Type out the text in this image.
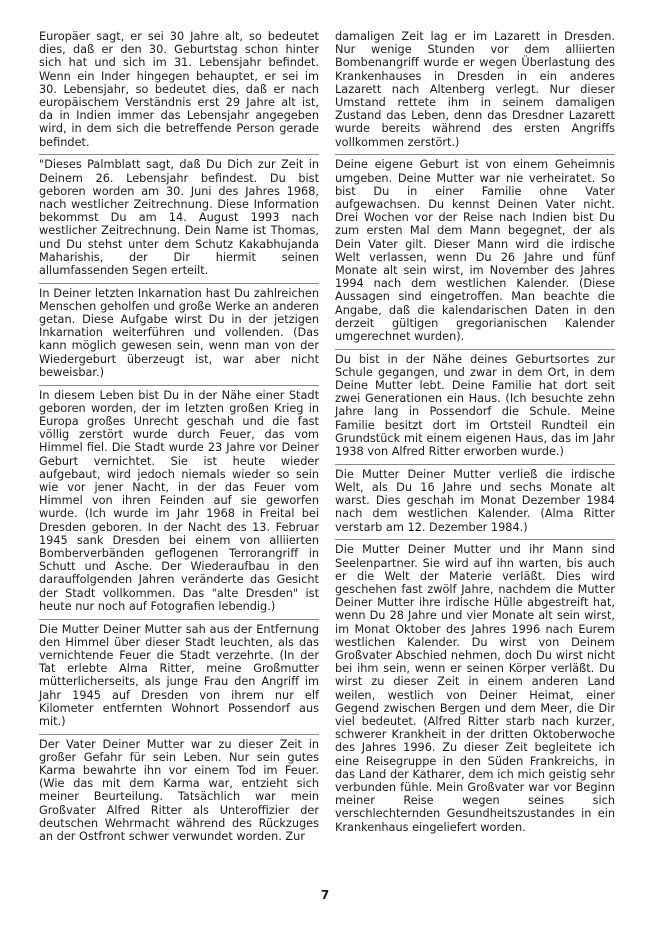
Europäer sagt, er sei 30 Jahre alt, so bedeutet dies, daß er den 30. Geburtstag schon hinter sich hat und sich im 31. Lebensjahr befindet. Wenn ein Inder hingegen behauptet, er sei im 30. Lebensjahr, so bedeutet dies, daß er nach europäischem Verständnis erst 29 Jahre alt ist, da in Indien immer das Lebensjahr angegeben wird, in dem sich die betreffende Person gerade befindet.

"Dieses Palmblatt sagt, daß Du Dich zur Zeit in Deinem 26. Lebensjahr befindest. Du bist geboren worden am 30. Juni des Jahres 1968, nach westlicher Zeitrechnung. Diese Information bekommst Du am 14. August 1993 nach westlicher Zeitrechnung. Dein Name ist Thomas, und Du stehst unter dem Schutz Kakabhujanda Maharishis, der Dir hiermit seinen allumfassenden Segen erteilt.

In Deiner letzten Inkarnation hast Du zahlreichen Menschen geholfen und große Werke an anderen getan. Diese Aufgabe wirst Du in der jetzigen Inkarnation weiterführen und vollenden. (Das kann möglich gewesen sein, wenn man von der Wiedergeburt überzeugt ist, war aber nicht beweisbar.)

In diesem Leben bist Du in der Nähe einer Stadt geboren worden, der im letzten großen Krieg in Europa großes Unrecht geschah und die fast völlig zerstört wurde durch Feuer, das vom Himmel fiel. Die Stadt wurde 23 Jahre vor Deiner Geburt vernichtet. Sie ist heute wieder aufgebaut, wird jedoch niemals wieder so sein wie vor jener Nacht, in der das Feuer vom Himmel von ihren Feinden auf sie geworfen wurde. (Ich wurde im Jahr 1968 in Freital bei Dresden geboren. In der Nacht des 13. Februar 1945 sank Dresden bei einem von alliierten Bomberverbänden geflogenen Terrorangriff in Schutt und Asche. Der Wiederaufbau in den darauffolgenden Jahren veränderte das Gesicht der Stadt vollkommen. Das "alte Dresden" ist heute nur noch auf Fotografien lebendig.)

Die Mutter Deiner Mutter sah aus der Entfernung den Himmel über dieser Stadt leuchten, als das vernichtende Feuer die Stadt verzehrte. (In der Tat erlebte Alma Ritter, meine Großmutter mütterlicherseits, als junge Frau den Angriff im Jahr 1945 auf Dresden von ihrem nur elf Kilometer entfernten Wohnort Possendorf aus mit.)

Der Vater Deiner Mutter war zu dieser Zeit in großer Gefahr für sein Leben. Nur sein gutes Karma bewahrte ihn vor einem Tod im Feuer. (Wie das mit dem Karma war, entzieht sich meiner Beurteilung. Tatsächlich war mein Großvater Alfred Ritter als Unteroffizier der deutschen Wehrmacht während des Rückzuges an der Ostfront schwer verwundet worden. Zur

damaligen Zeit lag er im Lazarett in Dresden. Nur wenige Stunden vor dem alliierten Bombenangriff wurde er wegen Überlastung des Krankenhauses in Dresden in ein anderes Lazarett nach Altenberg verlegt. Nur dieser Umstand rettete ihm in seinem damaligen Zustand das Leben, denn das Dresdner Lazarett wurde bereits während des ersten Angriffs vollkommen zerstört.)

Deine eigene Geburt ist von einem Geheimnis umgeben. Deine Mutter war nie verheiratet. So bist Du in einer Familie ohne Vater aufgewachsen. Du kennst Deinen Vater nicht. Drei Wochen vor der Reise nach Indien bist Du zum ersten Mal dem Mann begegnet, der als Dein Vater gilt. Dieser Mann wird die irdische Welt verlassen, wenn Du 26 Jahre und fünf Monate alt sein wirst, im November des Jahres 1994 nach dem westlichen Kalender. (Diese Aussagen sind eingetroffen. Man beachte die Angabe, daß die kalendarischen Daten in den derzeit gültigen gregorianischen Kalender umgerechnet wurden).

Du bist in der Nähe deines Geburtsortes zur Schule gegangen, und zwar in dem Ort, in dem Deine Mutter lebt. Deine Familie hat dort seit zwei Generationen ein Haus. (Ich besuchte zehn Jahre lang in Possendorf die Schule. Meine Familie besitzt dort im Ortsteil Rundteil ein Grundstück mit einem eigenen Haus, das im Jahr 1938 von Alfred Ritter erworben wurde.)

Die Mutter Deiner Mutter verließ die irdische Welt, als Du 16 Jahre und sechs Monate alt warst. Dies geschah im Monat Dezember 1984 nach dem westlichen Kalender. (Alma Ritter verstarb am 12. Dezember 1984.)

Die Mutter Deiner Mutter und ihr Mann sind Seelenpartner. Sie wird auf ihn warten, bis auch er die Welt der Materie verläßt. Dies wird geschehen fast zwölf Jahre, nachdem die Mutter Deiner Mutter ihre irdische Hülle abgestreift hat, wenn Du 28 Jahre und vier Monate alt sein wirst, im Monat Oktober des Jahres 1996 nach Eurem westlichen Kalender. Du wirst von Deinem Großvater Abschied nehmen, doch Du wirst nicht bei ihm sein, wenn er seinen Körper verläßt. Du wirst zu dieser Zeit in einem anderen Land weilen, westlich von Deiner Heimat, einer Gegend zwischen Bergen und dem Meer, die Dir viel bedeutet. (Alfred Ritter starb nach kurzer, schwerer Krankheit in der dritten Oktoberwoche des Jahres 1996. Zu dieser Zeit begleitete ich eine Reisegruppe in den Süden Frankreichs, in das Land der Katharer, dem ich mich geistig sehr verbunden fühle. Mein Großvater war vor Beginn meiner Reise wegen seines sich verschlechternden Gesundheitszustandes in ein Krankenhaus eingeliefert worden.

7
